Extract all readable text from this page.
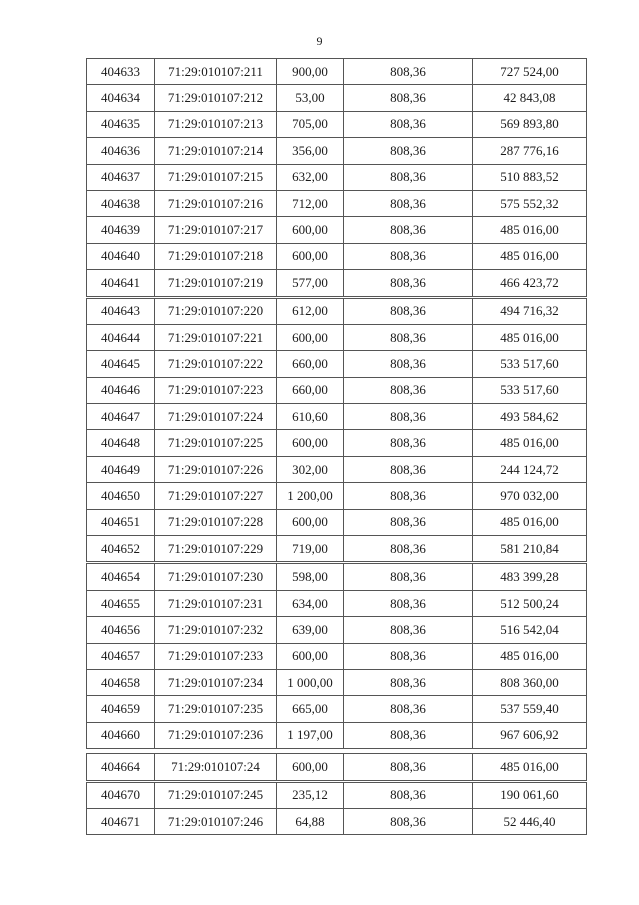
9
404633	71:29:010107:211	900,00	808,36	727 524,00
404634	71:29:010107:212	53,00	808,36	42 843,08
404635	71:29:010107:213	705,00	808,36	569 893,80
404636	71:29:010107:214	356,00	808,36	287 776,16
404637	71:29:010107:215	632,00	808,36	510 883,52
404638	71:29:010107:216	712,00	808,36	575 552,32
404639	71:29:010107:217	600,00	808,36	485 016,00
404640	71:29:010107:218	600,00	808,36	485 016,00
404641	71:29:010107:219	577,00	808,36	466 423,72
404643	71:29:010107:220	612,00	808,36	494 716,32
404644	71:29:010107:221	600,00	808,36	485 016,00
404645	71:29:010107:222	660,00	808,36	533 517,60
404646	71:29:010107:223	660,00	808,36	533 517,60
404647	71:29:010107:224	610,60	808,36	493 584,62
404648	71:29:010107:225	600,00	808,36	485 016,00
404649	71:29:010107:226	302,00	808,36	244 124,72
404650	71:29:010107:227	1 200,00	808,36	970 032,00
404651	71:29:010107:228	600,00	808,36	485 016,00
404652	71:29:010107:229	719,00	808,36	581 210,84
404654	71:29:010107:230	598,00	808,36	483 399,28
404655	71:29:010107:231	634,00	808,36	512 500,24
404656	71:29:010107:232	639,00	808,36	516 542,04
404657	71:29:010107:233	600,00	808,36	485 016,00
404658	71:29:010107:234	1 000,00	808,36	808 360,00
404659	71:29:010107:235	665,00	808,36	537 559,40
404660	71:29:010107:236	1 197,00	808,36	967 606,92

404664	71:29:010107:24	600,00	808,36	485 016,00
404670	71:29:010107:245	235,12	808,36	190 061,60
404671	71:29:010107:246	64,88	808,36	52 446,40
